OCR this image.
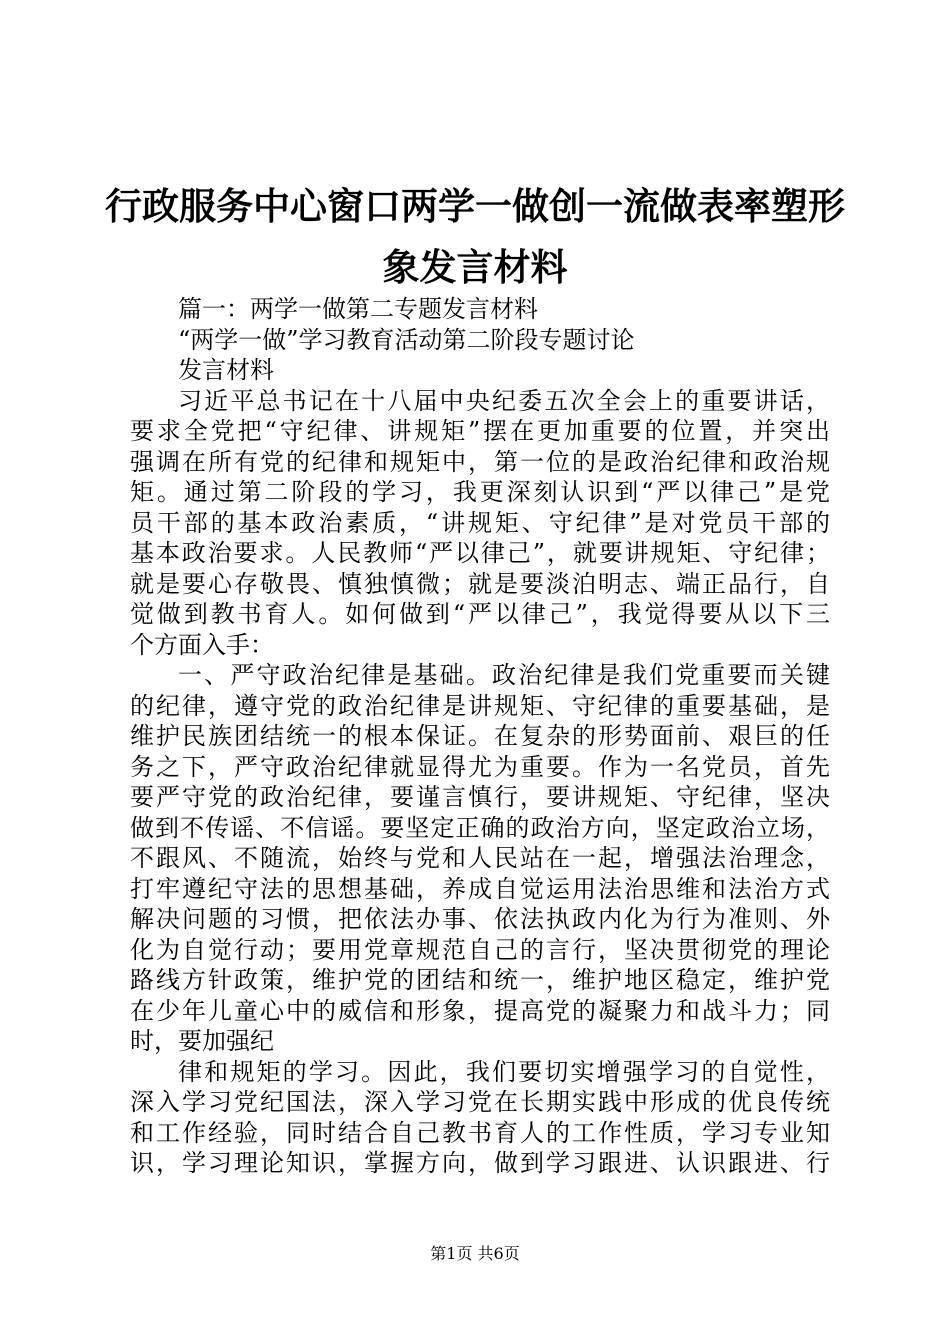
行政服务中心窗口两学一做创一流做表率塑形
象发言材料
篇一：两学一做第二专题发言材料
“两学一做”学习教育活动第二阶段专题讨论
发言材料
习近平总书记在十八届中央纪委五次全会上的重要讲话，
要求全党把“守纪律、讲规矩”摆在更加重要的位置，并突出
强调在所有党的纪律和规矩中，第一位的是政治纪律和政治规
矩。通过第二阶段的学习，我更深刻认识到“严以律己”是党
员干部的基本政治素质，“讲规矩、守纪律”是对党员干部的
基本政治要求。人民教师“严以律己”，就要讲规矩、守纪律；
就是要心存敬畏、慎独慎微；就是要淡泊明志、端正品行，自
觉做到教书育人。如何做到“严以律己”，我觉得要从以下三
个方面入手：
一、严守政治纪律是基础。政治纪律是我们党重要而关键
的纪律，遵守党的政治纪律是讲规矩、守纪律的重要基础，是
维护民族团结统一的根本保证。在复杂的形势面前、艰巨的任
务之下，严守政治纪律就显得尤为重要。作为一名党员，首先
要严守党的政治纪律，要谨言慎行，要讲规矩、守纪律，坚决
做到不传谣、不信谣。要坚定正确的政治方向，坚定政治立场，
不跟风、不随流，始终与党和人民站在一起，增强法治理念，
打牢遵纪守法的思想基础，养成自觉运用法治思维和法治方式
解决问题的习惯，把依法办事、依法执政内化为行为准则、外
化为自觉行动；要用党章规范自己的言行，坚决贯彻党的理论
路线方针政策，维护党的团结和统一，维护地区稳定，维护党
在少年儿童心中的威信和形象，提高党的凝聚力和战斗力；同
时，要加强纪
律和规矩的学习。因此，我们要切实增强学习的自觉性，
深入学习党纪国法，深入学习党在长期实践中形成的优良传统
和工作经验，同时结合自己教书育人的工作性质，学习专业知
识，学习理论知识，掌握方向，做到学习跟进、认识跟进、行
第1页 共6页
